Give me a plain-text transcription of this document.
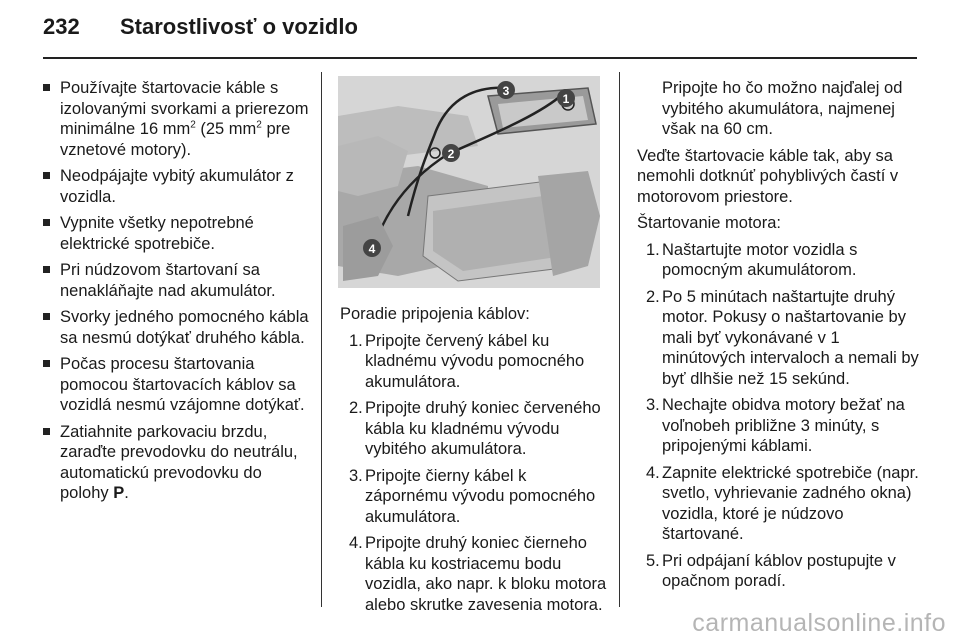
232 Starostlivosť o vozidlo
Používajte štartovacie káble s izolovanými svorkami a prierezom minimálne 16 $mm^2$ (25 $mm^2$ pre vznetové motory).
Neodpájajte vybitý akumulátor z vozidla.
Vypnite všetky nepotrebné elektrické spotrebiče.
Pri núdzovom štartovaní sa nenakláňajte nad akumulátor.
Svorky jedného pomocného kábla sa nesmú dotýkať druhého kábla.
Počas procesu štartovania pomocou štartovacích káblov sa vozidlá nesmú vzájomne dotýkať.
Zatiahnite parkovaciu brzdu, zaraďte prevodovku do neutrálu, automatickú prevodovku do polohy P.
1
2
3
4
Poradie pripojenia káblov:
1. Pripojte červený kábel ku kladnému vývodu pomocného akumulátora.
2. Pripojte druhý koniec červeného kábla ku kladnému vývodu vybitého akumulátora.
3. Pripojte čierny kábel k zápornému vývodu pomocného akumulátora.
4. Pripojte druhý koniec čierneho kábla ku kostriacemu bodu vozidla, ako napr. k bloku motora alebo skrutke zavesenia motora.
Pripojte ho čo možno najďalej od vybitého akumulátora, najmenej však na 60 cm.
Veďte štartovacie káble tak, aby sa nemohli dotknúť pohyblivých častí v motorovom priestore.
Štartovanie motora:
1. Naštartujte motor vozidla s pomocným akumulátorom.
2. Po 5 minútach naštartujte druhý motor. Pokusy o naštartovanie by mali byť vykonávané v 1 minútových intervaloch a nemali by byť dlhšie než 15 sekúnd.
3. Nechajte obidva motory bežať na voľnobeh približne 3 minúty, s pripojenými káblami.
4. Zapnite elektrické spotrebiče (napr. svetlo, vyhrievanie zadného okna) vozidla, ktoré je núdzovo štartované.
5. Pri odpájaní káblov postupujte v opačnom poradí.
carmanualsonline.info
